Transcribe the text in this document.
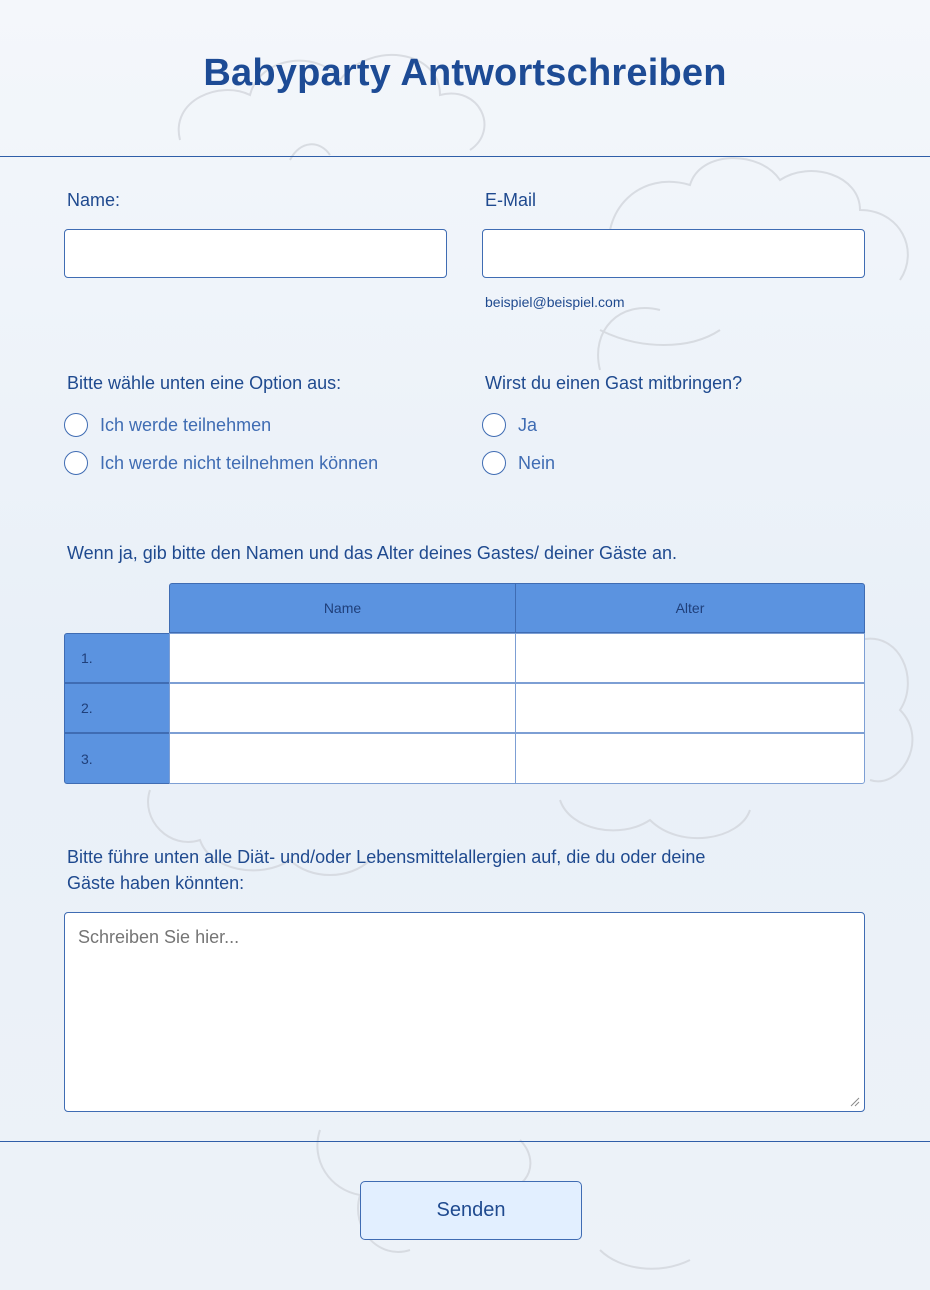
Babyparty Antwortschreiben
Name:	E-Mail
beispiel@beispiel.com
Bitte wähle unten eine Option aus:
Ich werde teilnehmen
Ich werde nicht teilnehmen können
Wirst du einen Gast mitbringen?
Ja
Nein
Wenn ja, gib bitte den Namen und das Alter deines Gastes/ deiner Gäste an.
Name	Alter
1.
2.
3.
Bitte führe unten alle Diät- und/oder Lebensmittelallergien auf, die du oder deine
Gäste haben könnten:
Schreiben Sie hier...
Senden
